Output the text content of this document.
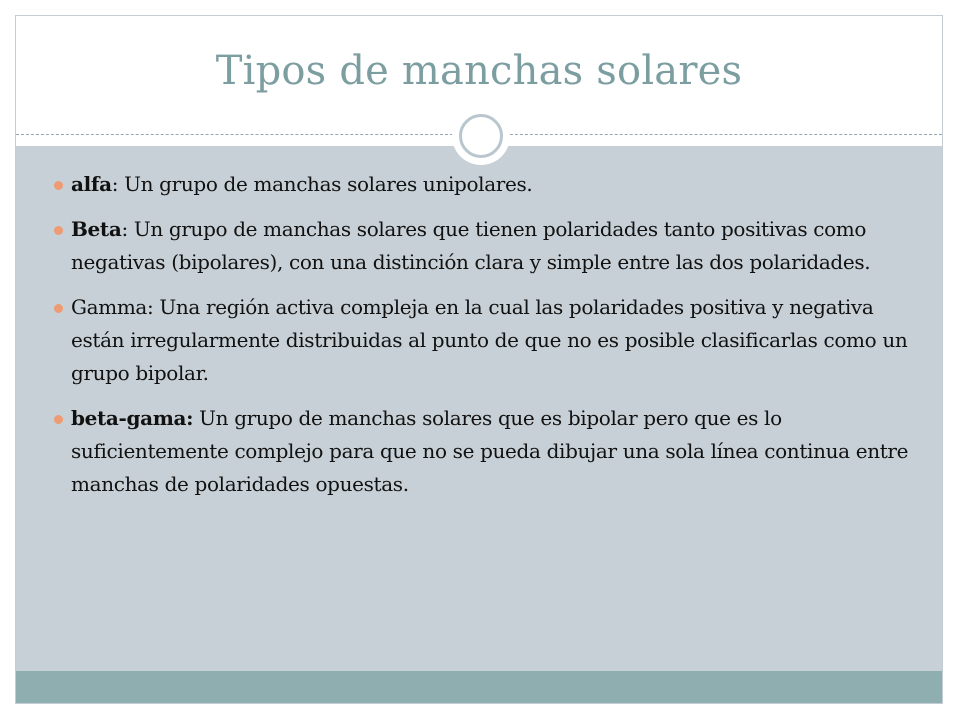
Tipos de manchas solares
alfa: Un grupo de manchas solares unipolares.
Beta: Un grupo de manchas solares que tienen polaridades tanto positivas como negativas (bipolares), con una distinción clara y simple entre las dos polaridades.
Gamma: Una región activa compleja en la cual las polaridades positiva y negativa están irregularmente distribuidas al punto de que no es posible clasificarlas como un grupo bipolar.
beta-gama: Un grupo de manchas solares que es bipolar pero que es lo suficientemente complejo para que no se pueda dibujar una sola línea continua entre manchas de polaridades opuestas.
